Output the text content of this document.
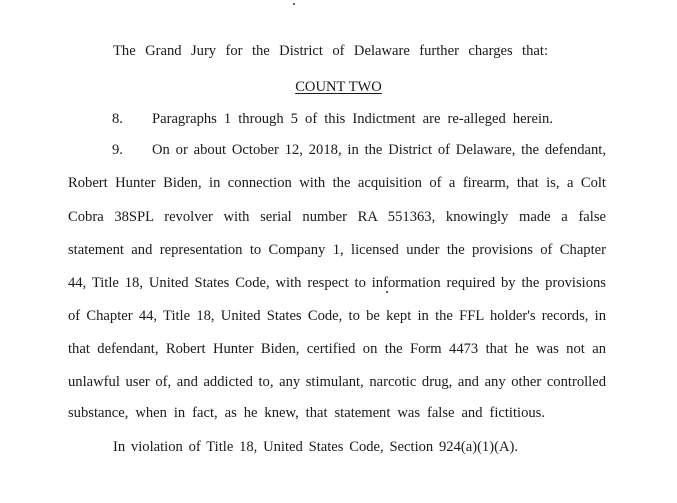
The Grand Jury for the District of Delaware further charges that:
COUNT TWO
8. Paragraphs 1 through 5 of this Indictment are re-alleged herein.
9. On or about October 12, 2018, in the District of Delaware, the defendant,
Robert Hunter Biden, in connection with the acquisition of a firearm, that is, a Colt
Cobra 38SPL revolver with serial number RA 551363, knowingly made a false
statement and representation to Company 1, licensed under the provisions of Chapter
44, Title 18, United States Code, with respect to information required by the provisions
of Chapter 44, Title 18, United States Code, to be kept in the FFL holder's records, in
that defendant, Robert Hunter Biden, certified on the Form 4473 that he was not an
unlawful user of, and addicted to, any stimulant, narcotic drug, and any other controlled
substance, when in fact, as he knew, that statement was false and fictitious.
In violation of Title 18, United States Code, Section 924(a)(1)(A).
